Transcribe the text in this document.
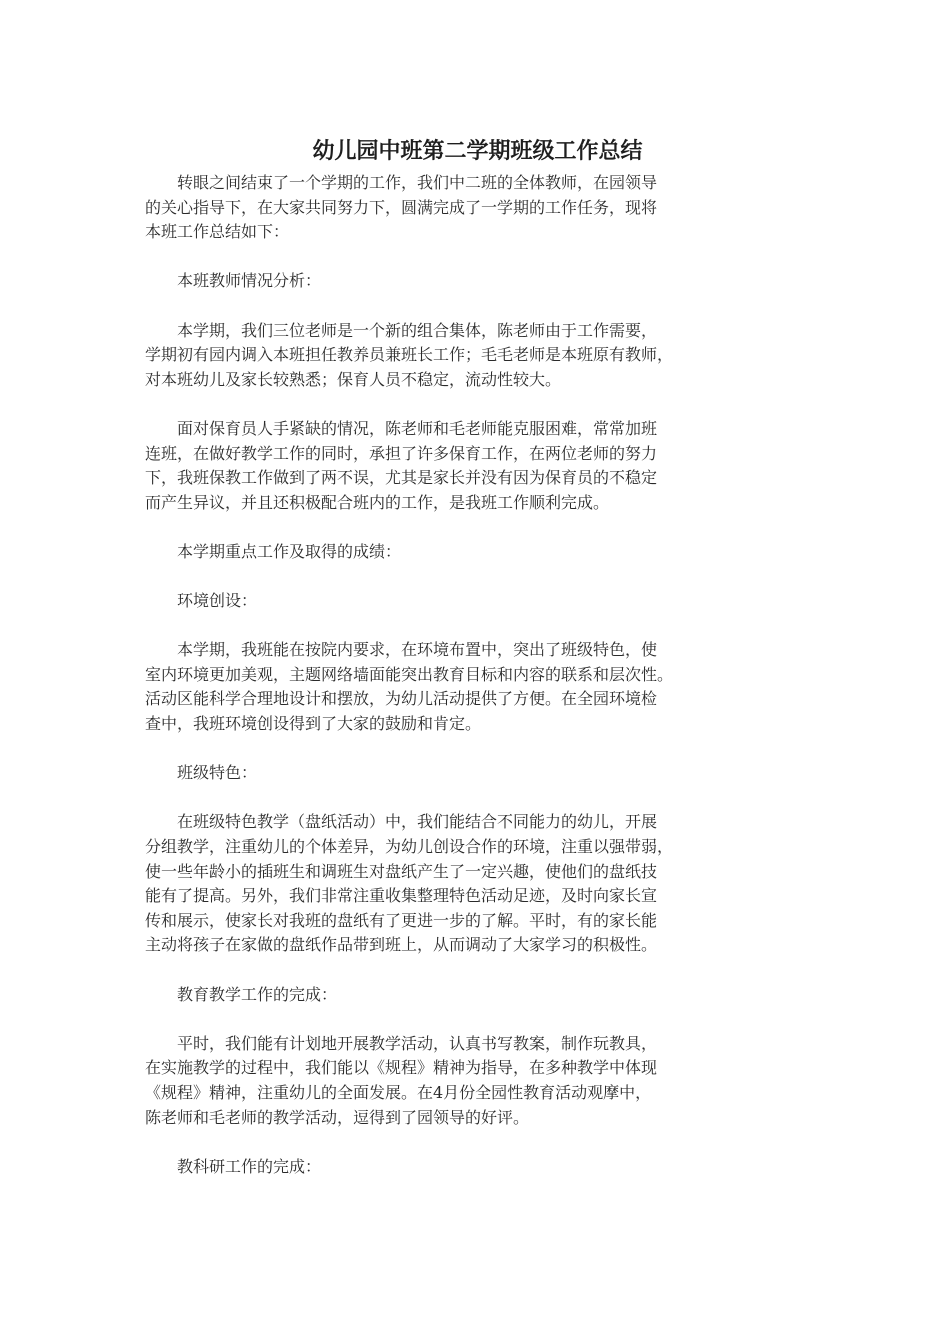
幼儿园中班第二学期班级工作总结

转眼之间结束了一个学期的工作，我们中二班的全体教师，在园领导
的关心指导下，在大家共同努力下，圆满完成了一学期的工作任务，现将
本班工作总结如下：

本班教师情况分析：

本学期，我们三位老师是一个新的组合集体，陈老师由于工作需要，
学期初有园内调入本班担任教养员兼班长工作；毛毛老师是本班原有教师，
对本班幼儿及家长较熟悉；保育人员不稳定，流动性较大。

面对保育员人手紧缺的情况，陈老师和毛老师能克服困难，常常加班
连班，在做好教学工作的同时，承担了许多保育工作，在两位老师的努力
下，我班保教工作做到了两不误，尤其是家长并没有因为保育员的不稳定
而产生异议，并且还积极配合班内的工作，是我班工作顺利完成。

本学期重点工作及取得的成绩：

环境创设：

本学期，我班能在按院内要求，在环境布置中，突出了班级特色，使
室内环境更加美观，主题网络墙面能突出教育目标和内容的联系和层次性。
活动区能科学合理地设计和摆放，为幼儿活动提供了方便。在全园环境检
查中，我班环境创设得到了大家的鼓励和肯定。

班级特色：

在班级特色教学（盘纸活动）中，我们能结合不同能力的幼儿，开展
分组教学，注重幼儿的个体差异，为幼儿创设合作的环境，注重以强带弱，
使一些年龄小的插班生和调班生对盘纸产生了一定兴趣，使他们的盘纸技
能有了提高。另外，我们非常注重收集整理特色活动足迹，及时向家长宣
传和展示，使家长对我班的盘纸有了更进一步的了解。平时，有的家长能
主动将孩子在家做的盘纸作品带到班上，从而调动了大家学习的积极性。

教育教学工作的完成：

平时，我们能有计划地开展教学活动，认真书写教案，制作玩教具，
在实施教学的过程中，我们能以《规程》精神为指导，在多种教学中体现
《规程》精神，注重幼儿的全面发展。在4月份全园性教育活动观摩中，
陈老师和毛老师的教学活动，逗得到了园领导的好评。

教科研工作的完成：
